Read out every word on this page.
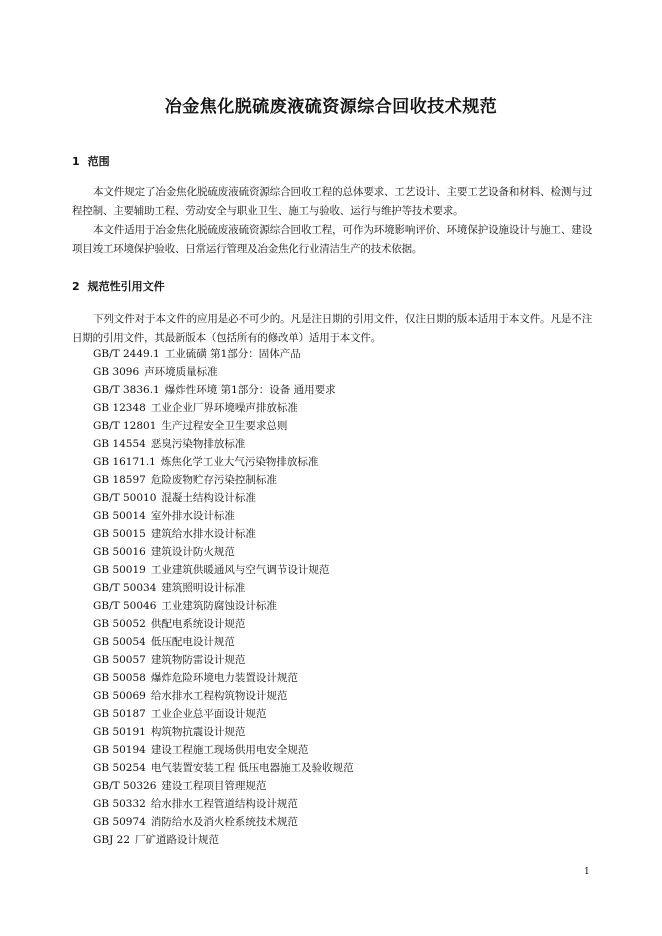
冶金焦化脱硫废液硫资源综合回收技术规范
1 范围

本文件规定了冶金焦化脱硫废液硫资源综合回收工程的总体要求、工艺设计、主要工艺设备和材料、检测与过程控制、主要辅助工程、劳动安全与职业卫生、施工与验收、运行与维护等技术要求。

本文件适用于冶金焦化脱硫废液硫资源综合回收工程，可作为环境影响评价、环境保护设施设计与施工、建设项目竣工环境保护验收、日常运行管理及冶金焦化行业清洁生产的技术依据。

2 规范性引用文件

下列文件对于本文件的应用是必不可少的。凡是注日期的引用文件，仅注日期的版本适用于本文件。凡是不注日期的引用文件，其最新版本（包括所有的修改单）适用于本文件。

GB/T 2449.1 工业硫磺 第1部分：固体产品
GB 3096 声环境质量标准
GB/T 3836.1 爆炸性环境 第1部分：设备 通用要求
GB 12348 工业企业厂界环境噪声排放标准
GB/T 12801 生产过程安全卫生要求总则
GB 14554 恶臭污染物排放标准
GB 16171.1 炼焦化学工业大气污染物排放标准
GB 18597 危险废物贮存污染控制标准
GB/T 50010 混凝土结构设计标准
GB 50014 室外排水设计标准
GB 50015 建筑给水排水设计标准
GB 50016 建筑设计防火规范
GB 50019 工业建筑供暖通风与空气调节设计规范
GB/T 50034 建筑照明设计标准
GB/T 50046 工业建筑防腐蚀设计标准
GB 50052 供配电系统设计规范
GB 50054 低压配电设计规范
GB 50057 建筑物防雷设计规范
GB 50058 爆炸危险环境电力装置设计规范
GB 50069 给水排水工程构筑物设计规范
GB 50187 工业企业总平面设计规范
GB 50191 构筑物抗震设计规范
GB 50194 建设工程施工现场供用电安全规范
GB 50254 电气装置安装工程 低压电器施工及验收规范
GB/T 50326 建设工程项目管理规范
GB 50332 给水排水工程管道结构设计规范
GB 50974 消防给水及消火栓系统技术规范
GBJ 22 厂矿道路设计规范

1
